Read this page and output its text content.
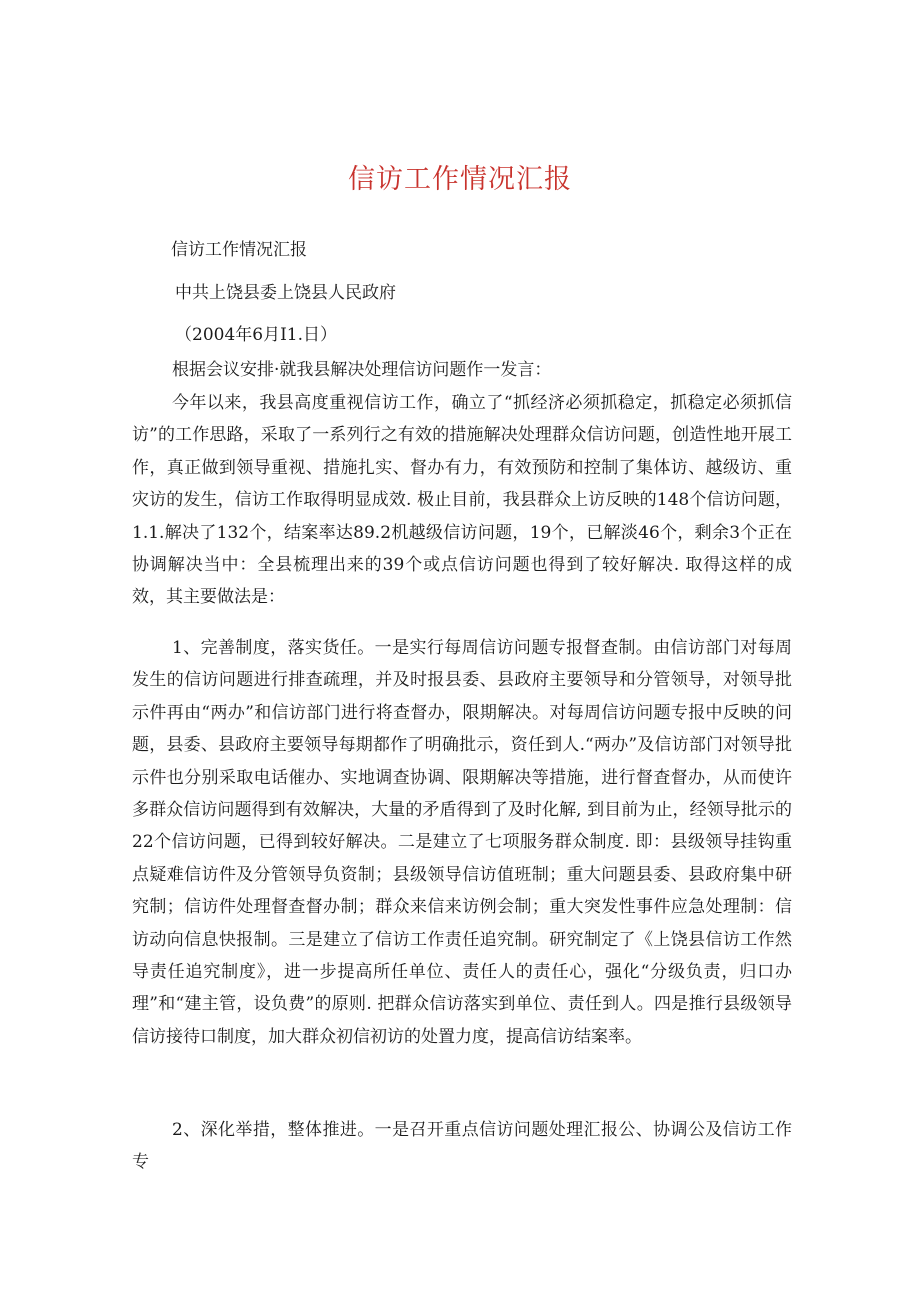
信访工作情况汇报
信访工作情况汇报
中共上饶县委上饶县人民政府
（2004年6月I1.日）
根据会议安排·就我县解决处理信访问题作一发言：
今年以来，我县高度重视信访工作，确立了“抓经济必须抓稳定，抓稳定必须抓信访”的工作思路，采取了一系列行之有效的措施解决处理群众信访问题，创造性地开展工作，真正做到领导重视、措施扎实、督办有力，有效预防和控制了集体访、越级访、重灾访的发生，信访工作取得明显成效. 极止目前，我县群众上访反映的148个信访问题，1.1.解决了132个，结案率达89.2机越级信访问题，19个，已解淡46个，剩余3个正在协调解决当中：全县梳理出来的39个或点信访问题也得到了较好解决. 取得这样的成效，其主要做法是：
1、完善制度，落实货任。一是实行每周信访问题专报督查制。由信访部门对每周发生的信访问题进行排查疏理，并及时报县委、县政府主要领导和分管领导，对领导批示件再由“两办”和信访部门进行将查督办，限期解决。对每周信访问题专报中反映的问题，县委、县政府主要领导每期都作了明确批示，资任到人.“两办”及信访部门对领导批示件也分别采取电话催办、实地调查协调、限期解决等措施，进行督査督办，从而使许多群众信访问题得到有效解决，大量的矛盾得到了及时化解, 到目前为止，经领导批示的22个信访问题，已得到较好解决。二是建立了七项服务群众制度. 即：县级领导挂钩重点疑难信访件及分管领导负资制；县级领导信访值班制；重大问题县委、县政府集中研究制；信访件处理督查督办制；群众来信来访例会制；重大突发性事件应急处理制：信访动向信息快报制。三是建立了信访工作责任追究制。研究制定了《上饶县信访工作然导责任追究制度》，进一步提高所任单位、责任人的责任心，强化“分级负责，归口办理”和“建主管，设负费”的原则. 把群众信访落实到单位、责任到人。四是推行县级领导信访接待口制度，加大群众初信初访的处置力度，提高信访结案率。
2、深化举措，整体推进。一是召开重点信访问题处理汇报公、协调公及信访工作专
